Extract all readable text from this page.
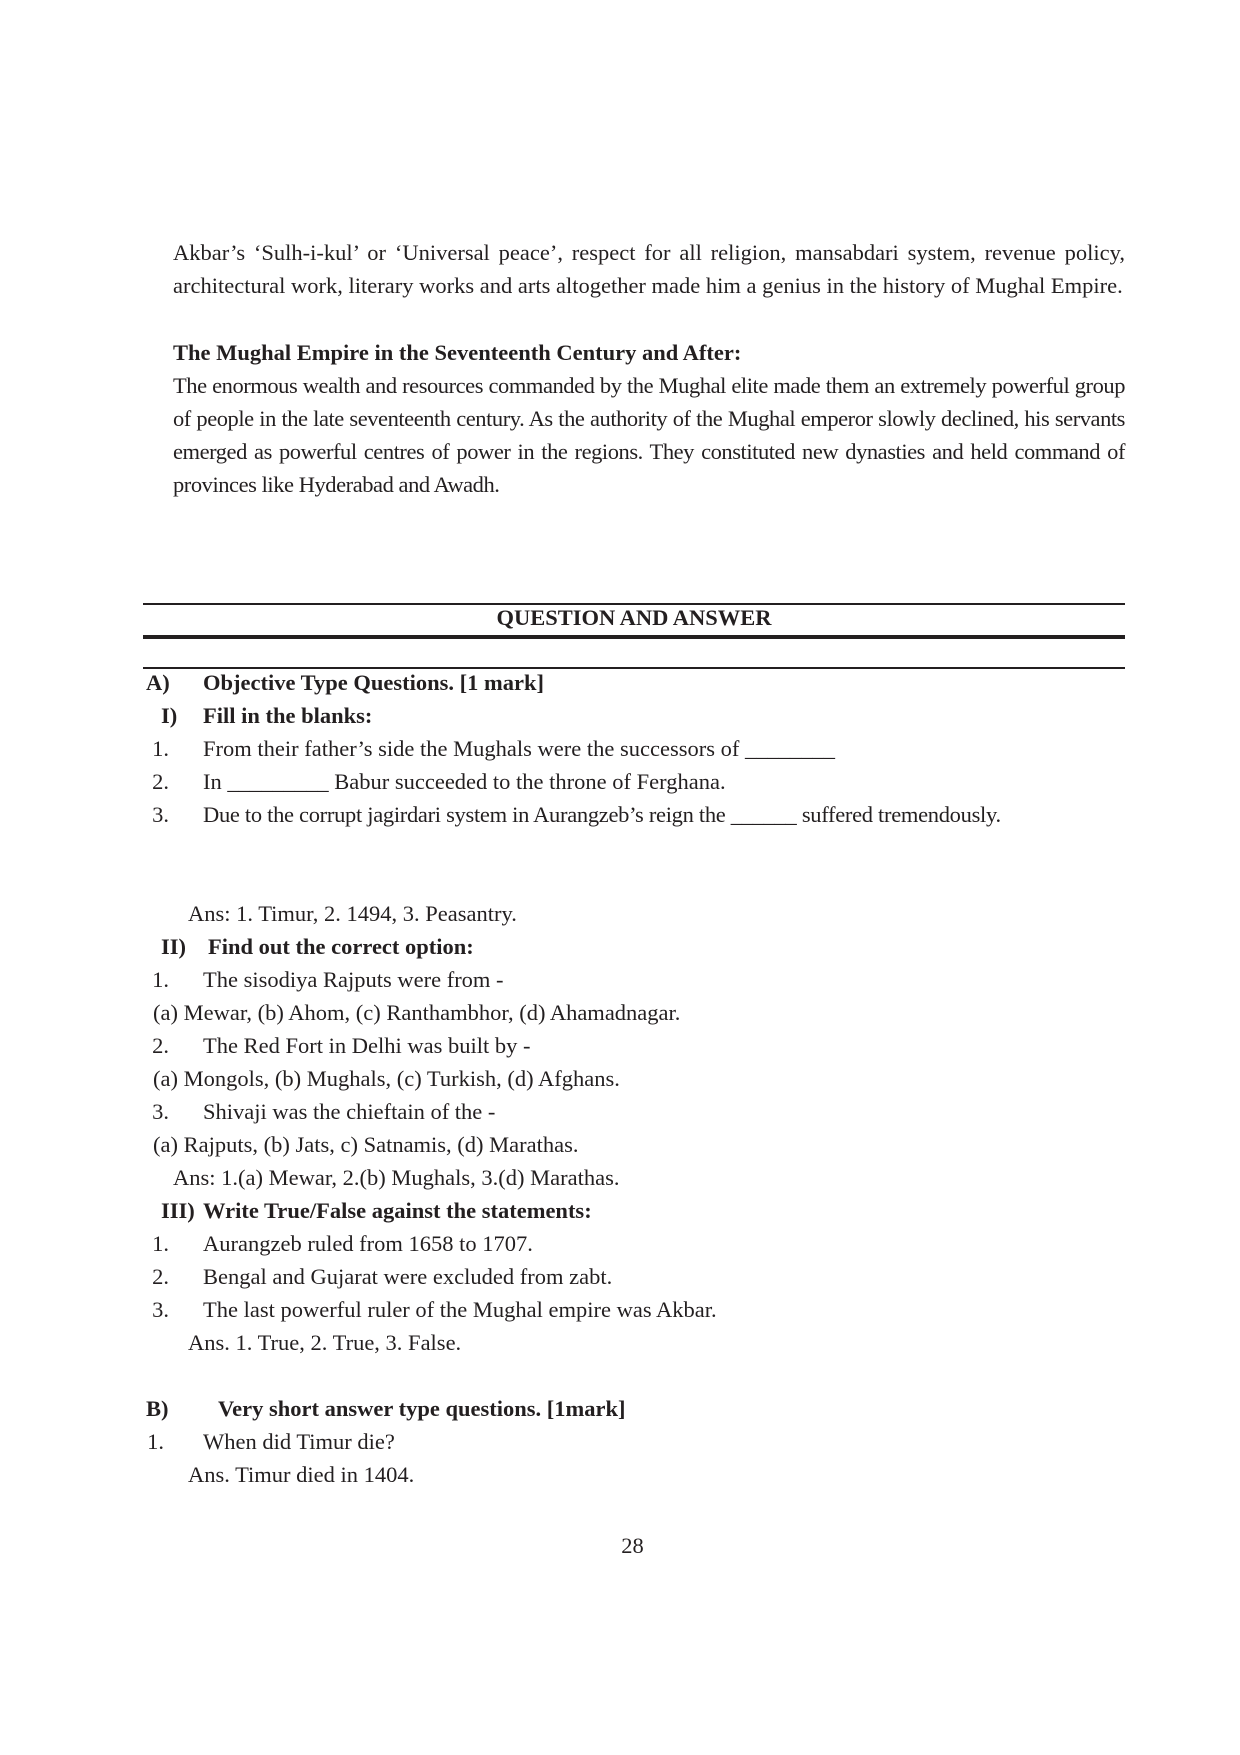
Akbar’s ‘Sulh-i-kul’ or ‘Universal peace’, respect for all religion, mansabdari system, revenue policy, architectural work, literary works and arts altogether made him a genius in the history of Mughal Empire.
The Mughal Empire in the Seventeenth Century and After:
The enormous wealth and resources commanded by the Mughal elite made them an extremely powerful group of people in the late seventeenth century. As the authority of the Mughal emperor slowly declined, his servants emerged as powerful centres of power in the regions. They constituted new dynasties and held command of provinces like Hyderabad and Awadh.
QUESTION AND ANSWER
A) Objective Type Questions. [1 mark]
I) Fill in the blanks:
1. From their father’s side the Mughals were the successors of ________
2. In _________ Babur succeeded to the throne of Ferghana.
3. Due to the corrupt jagirdari system in Aurangzeb’s reign the ______ suffered tremendously.
Ans: 1. Timur, 2. 1494, 3. Peasantry.
II) Find out the correct option:
1. The sisodiya Rajputs were from -
(a) Mewar, (b) Ahom, (c) Ranthambhor, (d) Ahamadnagar.
2. The Red Fort in Delhi was built by -
(a) Mongols, (b) Mughals, (c) Turkish, (d) Afghans.
3. Shivaji was the chieftain of the -
(a) Rajputs, (b) Jats, c) Satnamis, (d) Marathas.
Ans: 1.(a) Mewar, 2.(b) Mughals, 3.(d) Marathas.
III) Write True/False against the statements:
1. Aurangzeb ruled from 1658 to 1707.
2. Bengal and Gujarat were excluded from zabt.
3. The last powerful ruler of the Mughal empire was Akbar.
Ans. 1. True, 2. True, 3. False.
B) Very short answer type questions. [1mark]
1. When did Timur die?
Ans. Timur died in 1404.
28
